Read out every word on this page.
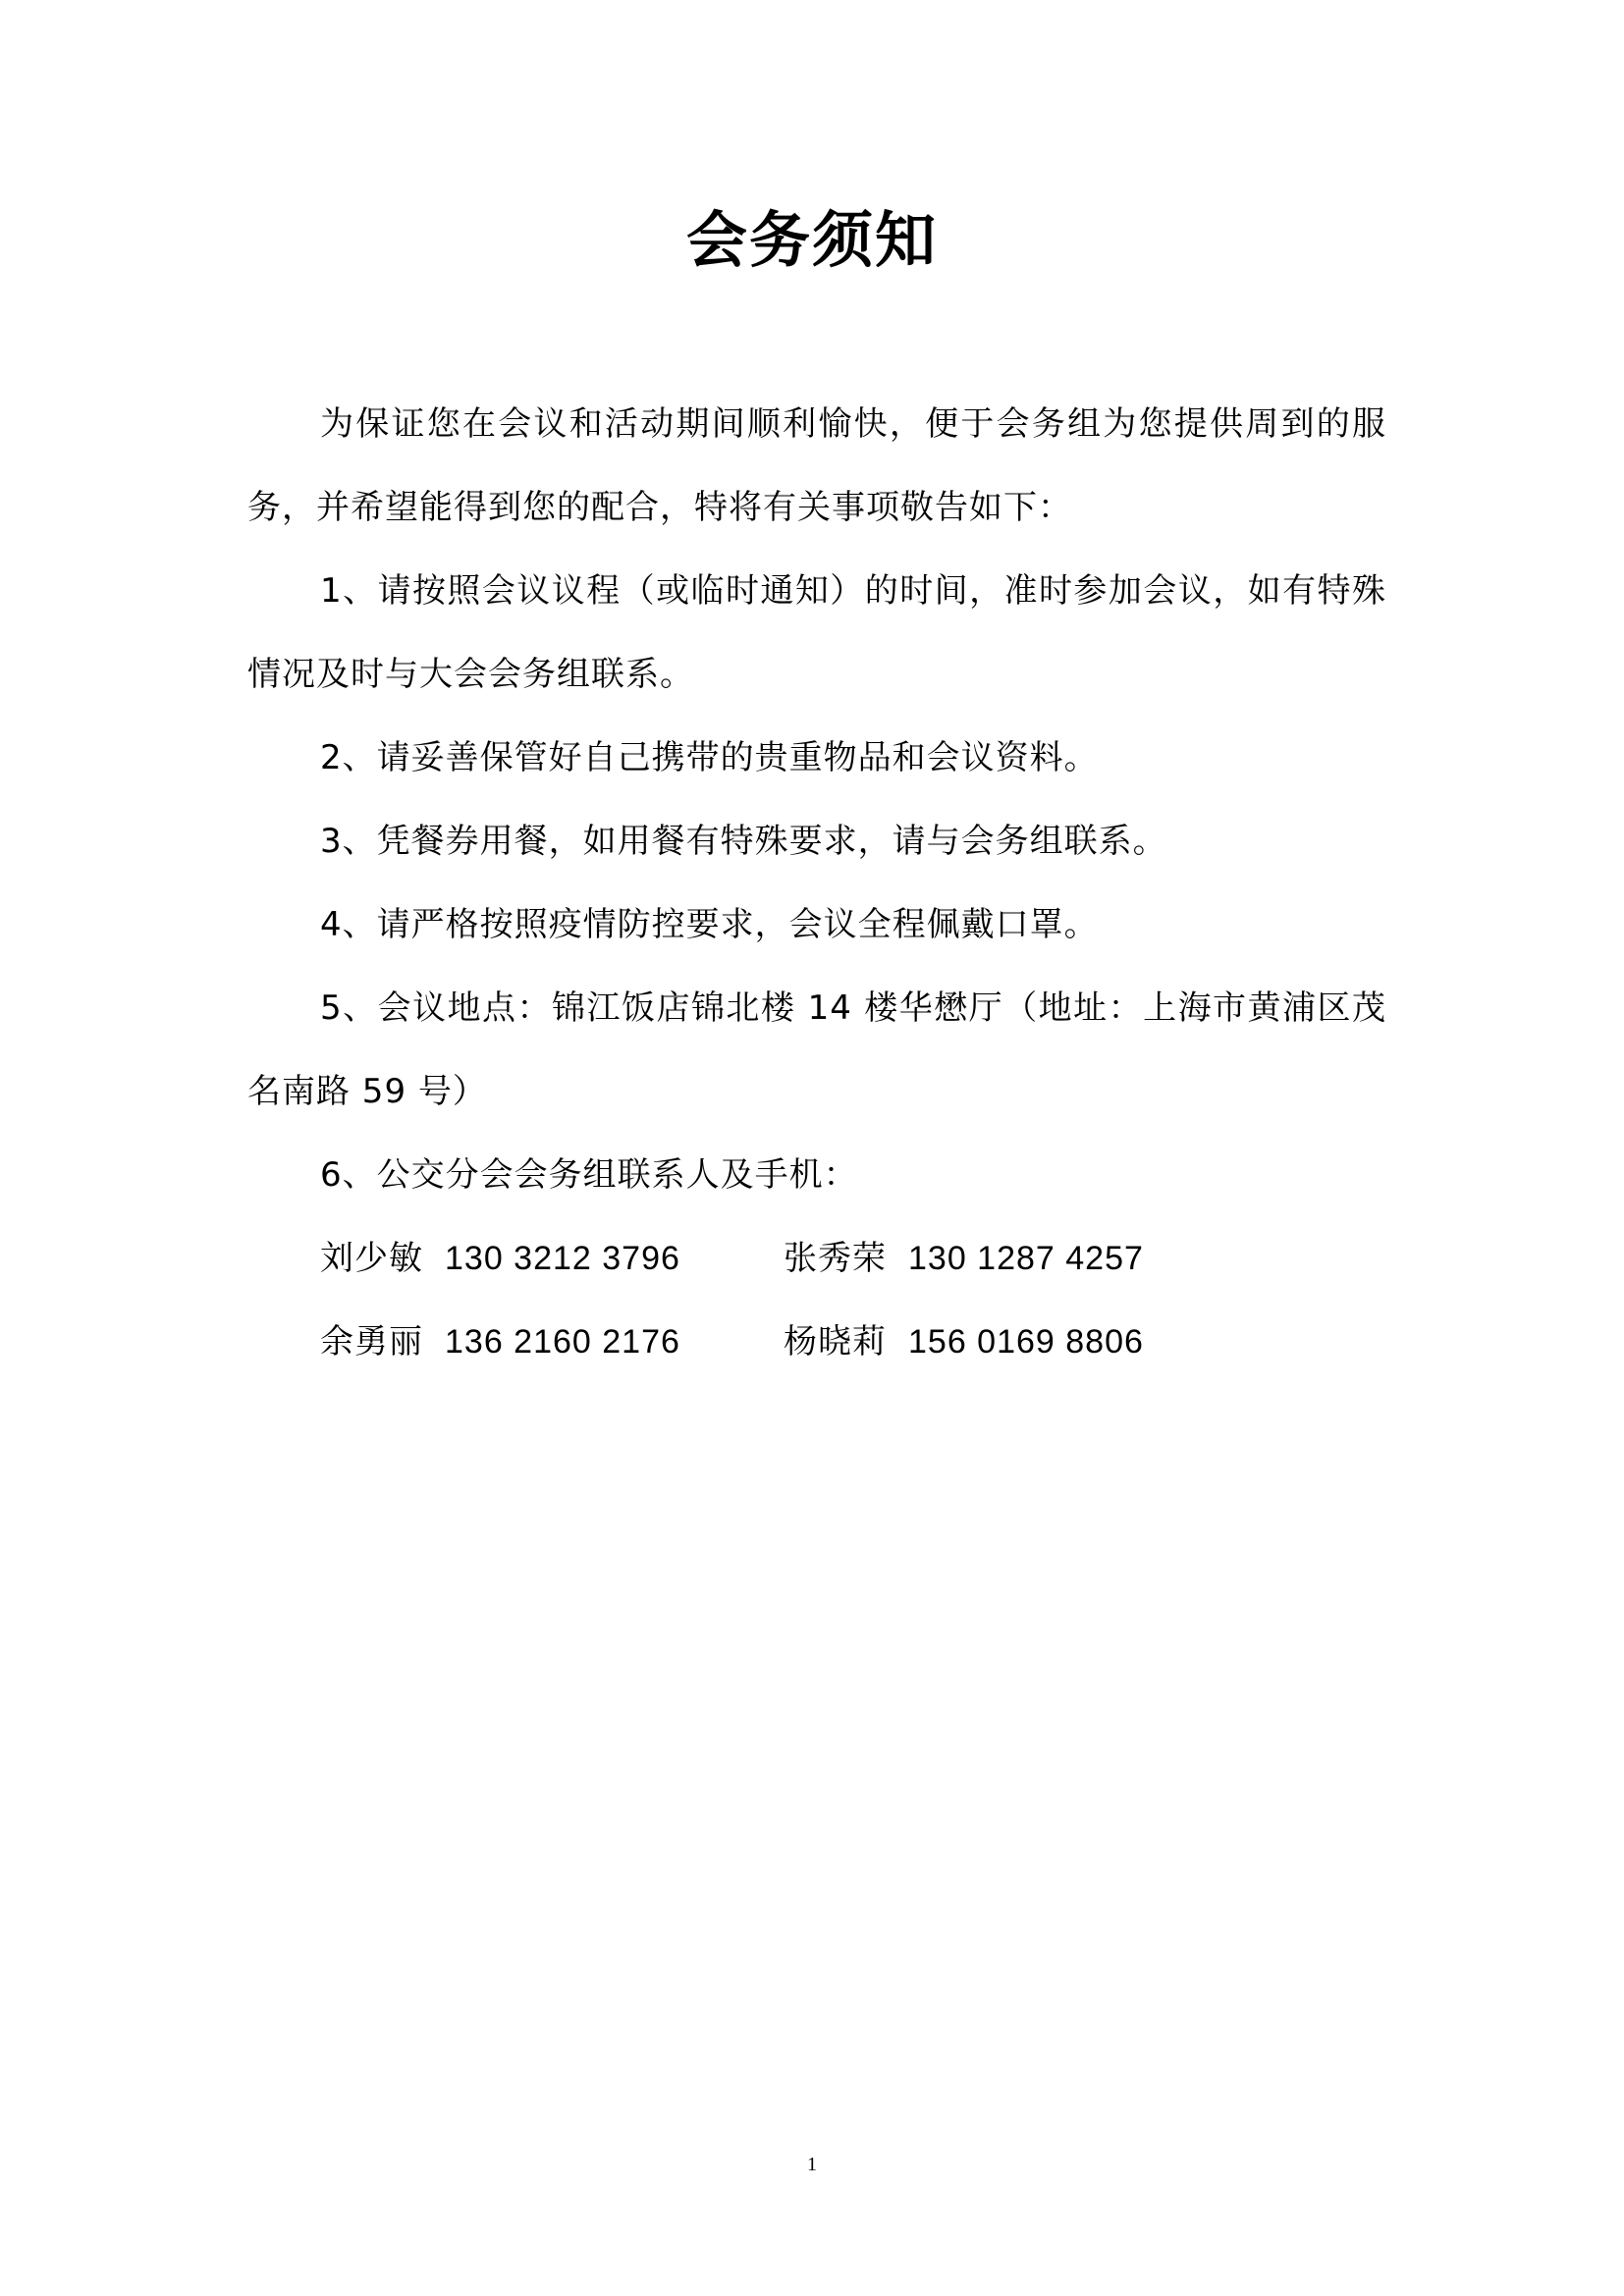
会务须知

为保证您在会议和活动期间顺利愉快，便于会务组为您提供周到的服务，并希望能得到您的配合，特将有关事项敬告如下：

1、请按照会议议程（或临时通知）的时间，准时参加会议，如有特殊情况及时与大会会务组联系。

2、请妥善保管好自己携带的贵重物品和会议资料。

3、凭餐券用餐，如用餐有特殊要求，请与会务组联系。

4、请严格按照疫情防控要求，会议全程佩戴口罩。

5、会议地点：锦江饭店锦北楼 14 楼华懋厅（地址：上海市黄浦区茂名南路 59 号）

6、公交分会会务组联系人及手机：

刘少敏 130 3212 3796	张秀荣 130 1287 4257
余勇丽 136 2160 2176	杨晓莉 156 0169 8806
1
